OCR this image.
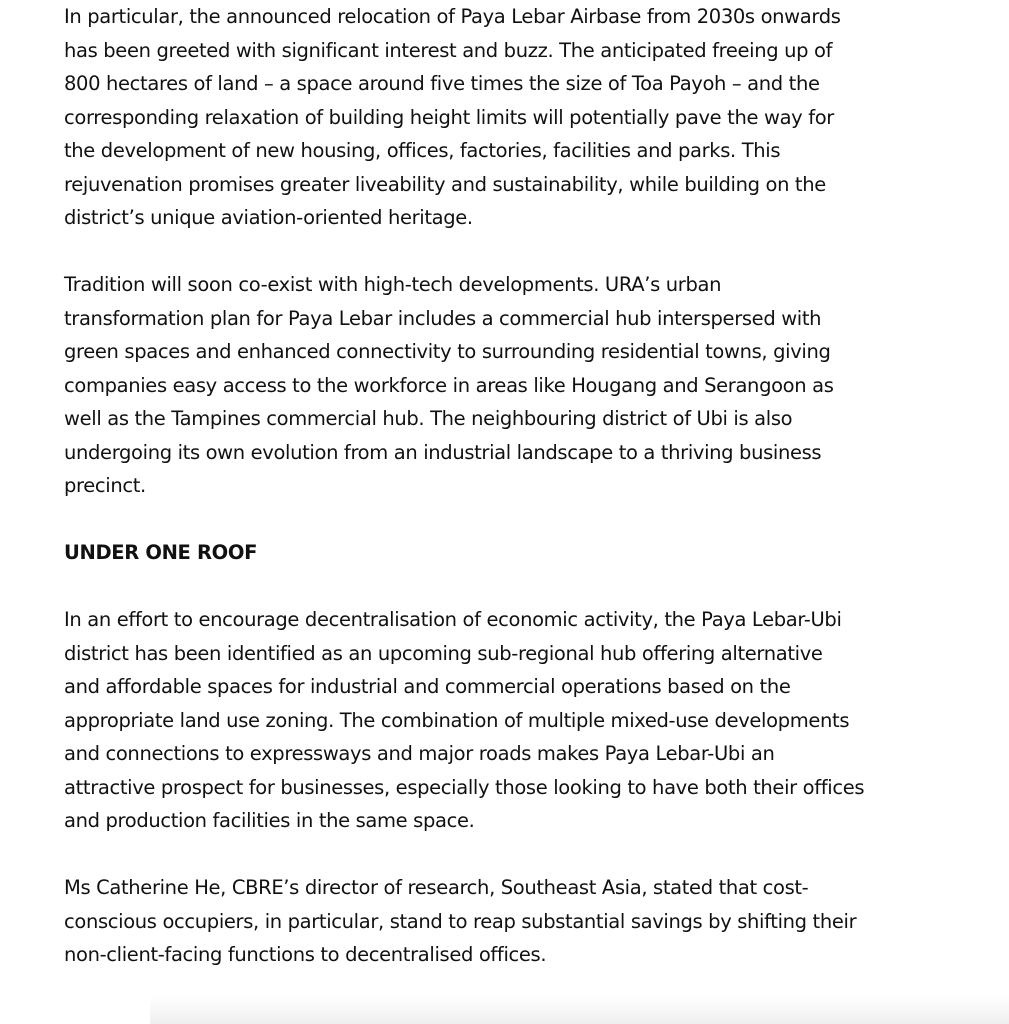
In particular, the announced relocation of Paya Lebar Airbase from 2030s onwards
has been greeted with significant interest and buzz. The anticipated freeing up of
800 hectares of land – a space around five times the size of Toa Payoh – and the
corresponding relaxation of building height limits will potentially pave the way for
the development of new housing, offices, factories, facilities and parks. This
rejuvenation promises greater liveability and sustainability, while building on the
district’s unique aviation-oriented heritage.

Tradition will soon co-exist with high-tech developments. URA’s urban
transformation plan for Paya Lebar includes a commercial hub interspersed with
green spaces and enhanced connectivity to surrounding residential towns, giving
companies easy access to the workforce in areas like Hougang and Serangoon as
well as the Tampines commercial hub. The neighbouring district of Ubi is also
undergoing its own evolution from an industrial landscape to a thriving business
precinct.

UNDER ONE ROOF

In an effort to encourage decentralisation of economic activity, the Paya Lebar-Ubi
district has been identified as an upcoming sub-regional hub offering alternative
and affordable spaces for industrial and commercial operations based on the
appropriate land use zoning. The combination of multiple mixed-use developments
and connections to expressways and major roads makes Paya Lebar-Ubi an
attractive prospect for businesses, especially those looking to have both their offices
and production facilities in the same space.

Ms Catherine He, CBRE’s director of research, Southeast Asia, stated that cost-
conscious occupiers, in particular, stand to reap substantial savings by shifting their
non-client-facing functions to decentralised offices.
